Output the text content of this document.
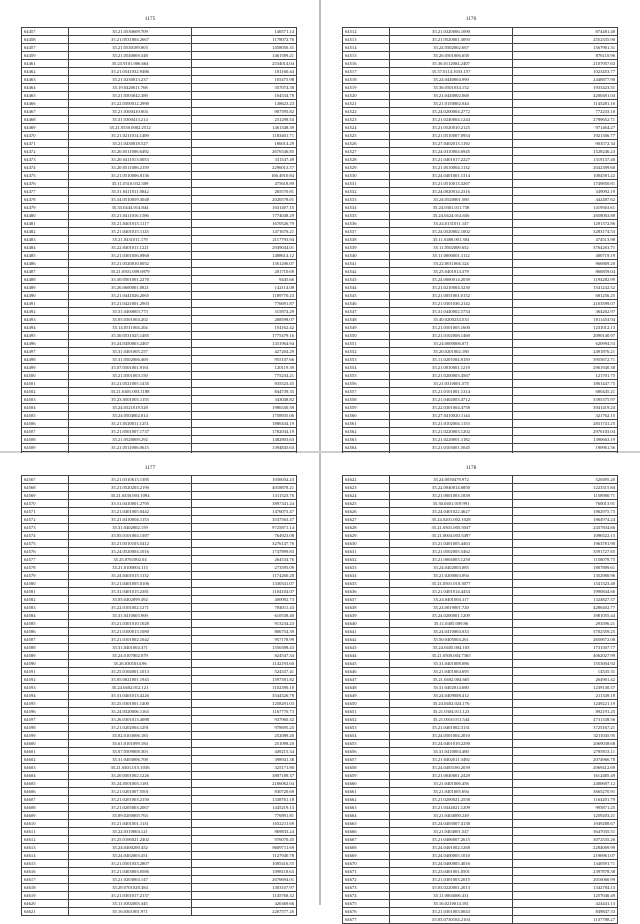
1175
64457	35.21.0530609.709	146571.14
64458	35.21.0531804.2667	1178072.76
64457	35.21.0530189.803	1458056.31
64459	35.21.0540069.348	1461589.21
64461	35.23.9101.006.664	2534014.04
64462	35.21.0541032.9486	181160.44
64463	35.21.0230013.237	105475.98
64464	35.19.0420611.768	357074.38
64465	35.21.0503042.389	104534.78
64466	35.22.0500012.2990	148623.23
64467	35.21.0300410.004	907595.82
64468	35.31.0300413.214	231298.54
64469	35.21.0530.0002.2512	1461348.39
64470	35.21.0211014.1489	1183401.71
64471	35.21.0430018.527	186014.29
64472	35.20.0511006.6492	2676546.85
64473	35.20.0411013.0053	331547.49
64474	35.20.0511006.2159	2296013.57
64475	35.21.0510006.8136	166.4910.84
64476	35.11.0310.032.309	475618.89
64477	35.31.0411011.0042	265570.81
64478	35.34.0510059.3048	2026578.01
64479	35.33.0444.014.844	1631407.15
64480	35.21.0411016.1586	1774048.29
64481	35.21.0401015.1117	1670526.79
64482	35.21.0401015.1125	1471676.21
64483	35.21.0431011.179	2117793.94
64484	35.22.0401011.1221	2949044.01
64485	35.21.0301056.0968	1488614.12
64486	35.21.0520010.0052	1561206.07
64487	35.21.0501.009.6979	201710.69
64488	35.30.0501001.2270	9445.66
64489	35.26.0600001.0821	142114.08
64490	35.21.0441026.2065	1189770.23
64491	35.21.0421001.2903	776691.87
64492	35.31.0400003.773	315874.29
64493	35.05.0301004.202	268598.07
64494	35.14.0511004.204	154162.42
64495	35.30.0531025.1485	1775479.16
64496	35.24.0450003.2467	1331964.94
64497	35.31.0401005.257	427204.29
64498	35.31.0502006.469	955107.66
64499	35.07.0501001.9161	120119.39
64500	35.21.0501003.150	775234.21
64501	35.21.0521005.1435	835523.45
64502	35.21.0401.003.1188	844739.35
64503	35.23.0501003.1155	343048.82
64504	35.24.0521019.528	1986330.39
64505	35.24.0504002.014	1758935.06
64506	35.21.0520011.1251	1880434.19
64507	35.21.0501007.1737	1782034.19
64508	35.21.0520009.292	1482803.63
64509	35.21.0511006.0615	1394845.63

1176
64512	35.21.0320006.1090	874481.40
64513	35.21.0520001.3093	2552335.90
64514	35.24.0502002.667	1567961.31
64515	35.26.0501006.658	876110.96
64516	35.36.0112004.2407	2107957.63
64517	35.37.0114.1033.157	1023453.77
64518	35.24.0440004.990	2448877.90
64519	35.36.0501034.152	1933423.51
64520	35.21.0440002.068	4200491.04
64521	35.21.0150002.044	1145281.16
64522	35.24.0200004.2772	772233.10
64523	35.21.0240004.1244	2789652.71
64524	35.21.0520010.2125	971464.27
64525	35.21.0510007.0954	1921306.77
64526	35.27.0402013.1192	903572.34
64527	35.24.0310004.6945	1528246.23
64528	35.21.0401017.2227	1319137.40
64529	35.21.0510004.1132	2042399.60
64530	35.24.0401001.1314	1004581.22
64531	35.21.0510013.3267	1749850.81
64532	35.24.0020014.2316	349092.19
64533	35.24.0520001.580	442487.62
64534	35.24.0301.011.758	1419563.61
64535	35.24.0424.014.656	2658063.88
64536	35.24.0131011.147	1291372.86
64537	35.24.0520002.1002	3283174.53
64538	35.11.0480.001.304	474513.98
64539	35.11.0502009.652	3764263.71
64540	35.11.0000001.1112	400719.19
64541	35.22.0011004.124	966869.20
64542	35.25.0401014.379	866859.04
64543	35.24.0000014.2039	1194282.99
64544	35.21.0210004.3230	1541242.52
64545	35.21.0051001.0152	681256.25
64546	35.21.0301036.2142	2163599.07
64547	35.31.0440002.5754	364262.97
64548	35.40.0200234.533	1811454.94
64549	35.21.0501005.1600	1231012.13
64550	35.21.0102008.1460	2090140.97
64551	35.24.0000006.071	620994.53
64552	35.20.0201002.180	2491876.21
64553	35.11.0201004.8150	3955672.71
64554	35.21.0010001.1219	2961940.38
64555	35.21.0200003.4567	121701.75
64556	35.21.0310001.575	1861447.75
64557	35.21.0101001.1314	680445.21
64558	35.21.0402003.4712	3395375.97
64559	35.22.0301004.4758	3941419.24
64560	35.27.0410020.1144	321762.15
64561	35.21.0102004.1153	2831741.25
64562	35.21.0220003.1202	2976103.04
64563	35.21.0220001.1182	1390663.19
64564	35.21.0103001.5045	190961.56

1177
64567	35.21.0310613.1385	1036034.23
64568	35.21.0520203.2190	4018878.21
64569	35.21.0430.003.1094	1311523.76
64570	35.31.0410001.2795	3897341.24
64571	35.21.0401005.0442	1476073.47
64572	35.21.0410004.1153	3537563.47
64573	35.31.0402002.159	9725871.14
64574	35.05.0101004.1387	764923.08
64575	35.21.0510103.5412	3276147.76
64576	35.24.0520004.1016	1747899.83
64577	35.25.0761002.04	264534.76
64578	35.21.0100004.113	273595.09
64579	35.24.0401015.1132	1174260.28
64580	35.21.0401005.0106	1330341.07
64581	35.31.0401015.2381	1104104.07
64582	35.05.0402099.492	400092.73
64583	35.22.0101002.1271	784011.43
64584	35.31.0410003.969	610538.40
64585	35.21.0301010.1028	913234.23
64586	35.21.0100013.1080	806754.39
64587	35.21.0101002.1042	957178.99
64588	35.31.0401004.371	1556398.43
64589	35.24.0107002.079	824547.34
64590	35.26.0301014.96	1142193.60
64591	35.25.0104001.1013	524337.41
64592	35.05.0021001.1943	1597581.82
64593	35.24.0402.012.121	1102390.10
64594	35.31.0401013.4226	3544326.78
64595	35.25.0301001.1400	1258291.03
64596	35.24.0320006.1163	1167776.73
64597	35.26.0301013.4088	937960.32
64598	35.21.0202004.1291	978695.25
64599	35.02.0103006.183	252089.20
64600	35.61.0101099.184	251098.20
64601	35.07.0509008.303	449215.34
64602	35.31.0403006.708	398941.38
64603	35.21.0401.015.1036	325171.80
64604	35.20.0501002.1226	3807189.37
64605	35.24.0501003.1181	2186062.04
64606	35.21.0201007.5501	830720.69
64607	35.21.0201003.2150	1338761.18
64608	35.21.0205003.2067	1445219.13
64609	35.09.0200005.763	776891.81
64610	35.21.0401001.1131	1652211.69
64611	35.22.0310004.121	869833.24
64612	35.25.0106021.2402	976070.45
64613	35.24.0400200.452	8609711.69
64614	35.24.0402003.451	1127940.78
64615	35.21.0501033.2807	1085416.55
64616	35.21.0403003.0586	1098118.63
64617	35.21.0203004.147	2676694.01
64618	35.28.0701028.384	1303107.97
64619	35.21.0301017.2137	1145768.32
64620	35.11.0302003.345	426369.66
64621	35.16.0301001.971	2267577.26
1178
64622	35.24.0050479.972	520495.20
64623	35.22.0040014.6850	1223315.84
64624	35.21.0001003.1839	1158980.71
64625	35.30.0401.019.991	760013.91
64626	35.24.0401022.4627	1962975.73
64627	35.24.0201.002.1028	1864974.24
64628	35.21.0501.005.5047	2437834.66
64629	35.21.0004.003.5497	1096522.13
64630	35.21.0401005.4463	1963781.90
64631	35.21.0502005.5462	3591727.65
64632	35.21.0004003.1250	1158078.75
64633	35.24.0402003.085	1807889.61
64634	35.21.0200003.094	1352980.96
64635	35.21.0501.010.3077	1541323.40
64636	35.21.0401014.4454	1990844.66
64637	35.24.0401004.117	1324827.37
64638	35.24.0019001.720	4286402.77
64639	35.24.0200001.1209	1981055.44
64640	35.11.0405.009.86	293596.21
64641	35.24.0410004.033	3702359.25
64642	35.50.0405004.261	2650672.08
64643	35.24.0405.004.103	1731507.77
64644	35.21.0500.004.7365	4062027.99
64645	35.31.0401008.086	1553004.92
64646	35.21.0401004.695	14535.31
64647	35.21.0402.004.665	264901.42
64648	35.31.0402014.680	1239130.37
64649	35.24.0409008.412	211349.18
64650	35.24.0402.024.176	1249221.19
64651	35.21.0304.011.123	892191.25
64652	35.21.0010.011.544	4731338.56
64653	35.21.0401002.3131	3725167.21
64654	35.24.0501004.2010	3211045.95
64655	35.24.0401019.2290	2069038.68
64656	35.31.0410004.480	2785813.11
64657	35.21.0402011.3492	2074966.78
64658	35.24.0403106.2039	2069412.69
64659	35.21.0040001.2429	1612485.49
64660	35.21.0401006.456	2400697.12
64661	35.21.0401005.694	3665270.91
64662	35.21.0200021.2558	1164201.79
64663	35.21.0444021.1209	995871.25
64664	35.21.0404000.249	1259203.21
64665	35.24.0403007.4138	1949288.67
64666	35.21.0404001.547	5647035.51
64667	35.21.0406007.2615	3072535.26
64668	35.24.0401002.1268	2284069.99
64669	35.24.0400005.1010	2196961.07
64670	35.24.0400005.4016	1340591.71
64671	35.23.0401001.0501	2397878.38
64672	35.21.0301003.2015	2016060.99
64673	35.03.0220001.2013	1342784.13
64674	35.11.0004006.431	1257040.49
64675	35.16.0210014.181	424441.13
64676	35.21.0301003.0043	849847.33
64677	35.03.0730104.2104	1137788.27
